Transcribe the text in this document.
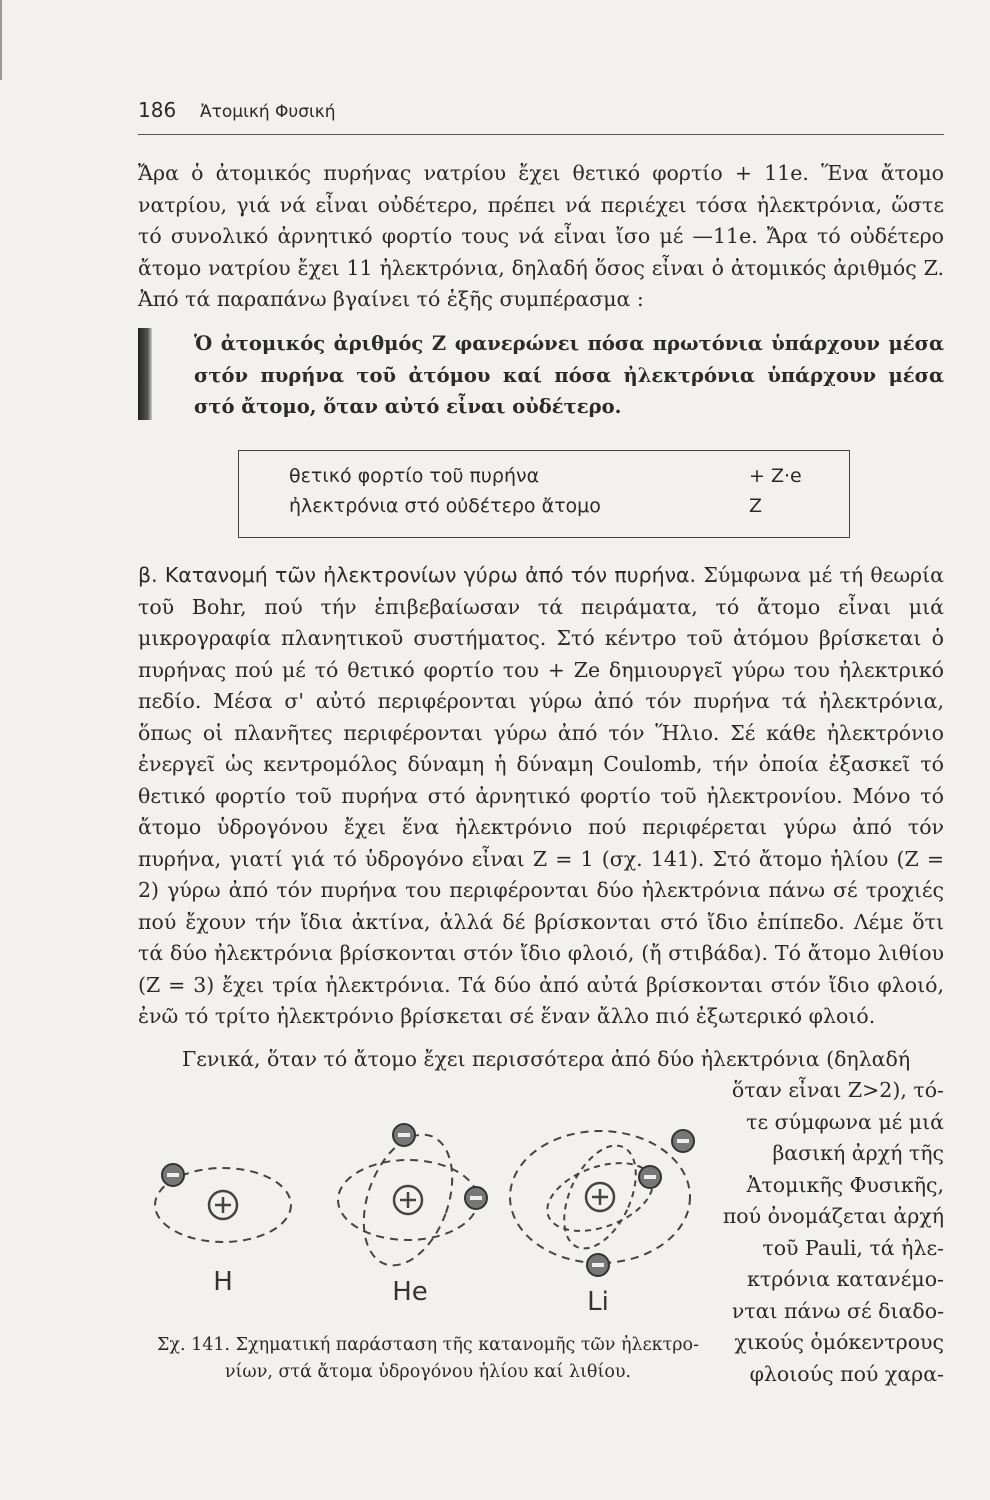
186 Ἀτομική Φυσική

Ἄρα ὁ ἀτομικός πυρήνας νατρίου ἔχει θετικό φορτίο + 11e. Ἕνα ἄτομο νατρίου, γιά νά εἶναι οὐδέτερο, πρέπει νά περιέχει τόσα ἠλεκτρόνια, ὥστε τό συνολικό ἀρνητικό φορτίο τους νά εἶναι ἴσο μέ —11e. Ἄρα τό οὐδέτερο ἄτομο νατρίου ἔχει 11 ἠλεκτρόνια, δηλαδή ὅσος εἶναι ὁ ἀτομικός ἀριθμός Z. Ἀπό τά παραπάνω βγαίνει τό ἑξῆς συμπέρασμα :

Ὁ ἀτομικός ἀριθμός Z φανερώνει πόσα πρωτόνια ὑπάρχουν μέσα στόν πυρήνα τοῦ ἀτόμου καί πόσα ἠλεκτρόνια ὑπάρχουν μέσα στό ἄτομο, ὅταν αὐτό εἶναι οὐδέτερο.
θετικό φορτίο τοῦ πυρήνα	+ Z·e
ἠλεκτρόνια στό οὐδέτερο ἄτομο	Z

β. Κατανομή τῶν ἠλεκτρονίων γύρω ἀπό τόν πυρήνα. Σύμφωνα μέ τή θεωρία τοῦ Bohr, πού τήν ἐπιβεβαίωσαν τά πειράματα, τό ἄτομο εἶναι μιά μικρογραφία πλανητικοῦ συστήματος. Στό κέντρο τοῦ ἀτόμου βρίσκεται ὁ πυρήνας πού μέ τό θετικό φορτίο του + Ze δημιουργεῖ γύρω του ἠλεκτρικό πεδίο. Μέσα σ' αὐτό περιφέρονται γύρω ἀπό τόν πυρήνα τά ἠλεκτρόνια, ὅπως οἱ πλανῆτες περιφέρονται γύρω ἀπό τόν Ἥλιο. Σέ κάθε ἠλεκτρόνιο ἐνεργεῖ ὡς κεντρομόλος δύναμη ἡ δύναμη Coulomb, τήν ὁποία ἐξασκεῖ τό θετικό φορτίο τοῦ πυρήνα στό ἀρνητικό φορτίο τοῦ ἠλεκτρονίου. Μόνο τό ἄτομο ὑδρογόνου ἔχει ἕνα ἠλεκτρόνιο πού περιφέρεται γύρω ἀπό τόν πυρήνα, γιατί γιά τό ὑδρογόνο εἶναι Z = 1 (σχ. 141). Στό ἄτομο ἡλίου (Z = 2) γύρω ἀπό τόν πυρήνα του περιφέρονται δύο ἠλεκτρόνια πάνω σέ τροχιές πού ἔχουν τήν ἴδια ἀκτίνα, ἀλλά δέ βρίσκονται στό ἴδιο ἐπίπεδο. Λέμε ὅτι τά δύο ἠλεκτρόνια βρίσκονται στόν ἴδιο φλοιό, (ἤ στιβάδα). Τό ἄτομο λιθίου (Z = 3) ἔχει τρία ἠλεκτρόνια. Τά δύο ἀπό αὐτά βρίσκονται στόν ἴδιο φλοιό, ἐνῶ τό τρίτο ἠλεκτρόνιο βρίσκεται σέ ἕναν ἄλλο πιό ἐξωτερικό φλοιό.

Γενικά, ὅταν τό ἄτομο ἔχει περισσότερα ἀπό δύο ἠλεκτρόνια (δηλαδή

ὅταν εἶναι Z>2), τό-
τε σύμφωνα μέ μιά
βασική ἀρχή τῆς
Ἀτομικῆς Φυσικῆς,
πού ὀνομάζεται ἀρχή
τοῦ Pauli, τά ἠλε-
κτρόνια κατανέμο-
νται πάνω σέ διαδο-
χικούς ὁμόκεντρους
φλοιούς πού χαρα-
H	He	Li
Σχ. 141. Σχηματική παράσταση τῆς κατανομῆς τῶν ἠλεκτρο-
νίων, στά ἄτομα ὑδρογόνου ἡλίου καί λιθίου.
